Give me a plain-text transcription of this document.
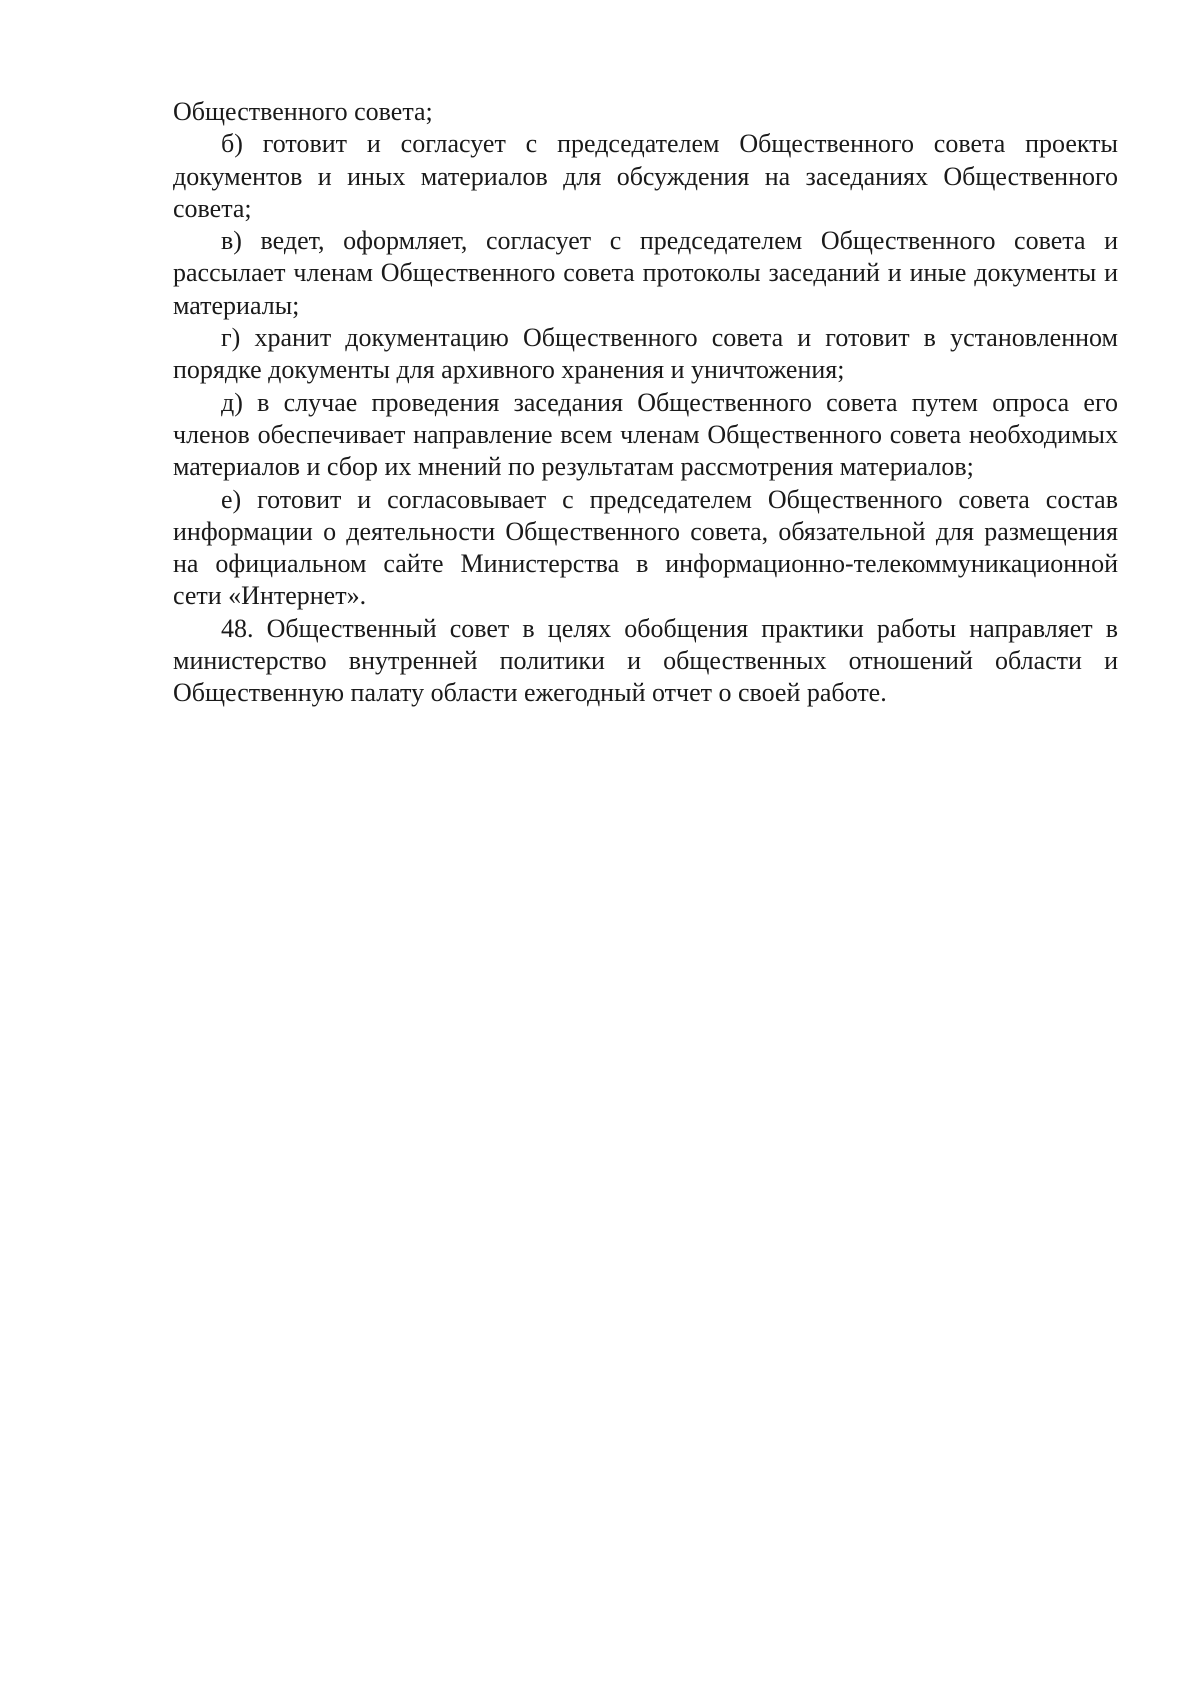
Общественного совета;

б) готовит и согласует с председателем Общественного совета проекты документов и иных материалов для обсуждения на заседаниях Общественного совета;

в) ведет, оформляет, согласует с председателем Общественного совета и рассылает членам Общественного совета протоколы заседаний и иные документы и материалы;

г) хранит документацию Общественного совета и готовит в установленном порядке документы для архивного хранения и уничтожения;

д) в случае проведения заседания Общественного совета путем опроса его членов обеспечивает направление всем членам Общественного совета необходимых материалов и сбор их мнений по результатам рассмотрения материалов;

е) готовит и согласовывает с председателем Общественного совета состав информации о деятельности Общественного совета, обязательной для размещения на официальном сайте Министерства в информационно-телекоммуникационной сети «Интернет».

48. Общественный совет в целях обобщения практики работы направляет в министерство внутренней политики и общественных отношений области и Общественную палату области ежегодный отчет о своей работе.
